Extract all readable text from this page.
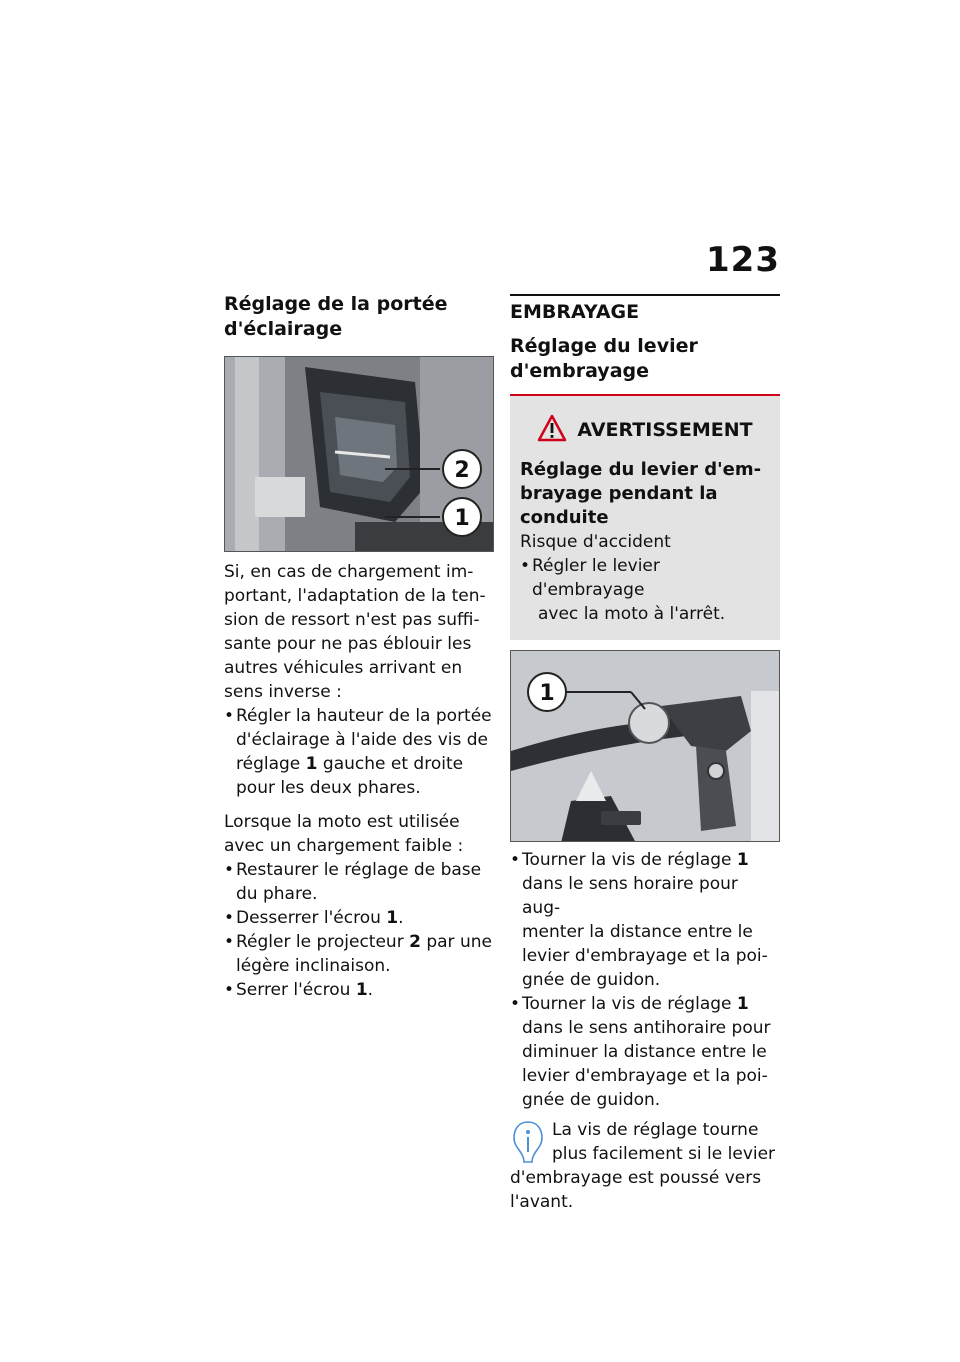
123
Réglage de la portée
d'éclairage
2
1
Si, en cas de chargement im-
portant, l'adaptation de la ten-
sion de ressort n'est pas suffi-
sante pour ne pas éblouir les
autres véhicules arrivant en
sens inverse :
• Régler la hauteur de la portée
d'éclairage à l'aide des vis de
réglage 1 gauche et droite
pour les deux phares.
Lorsque la moto est utilisée
avec un chargement faible :
• Restaurer le réglage de base
du phare.
• Desserrer l'écrou 1.
• Régler le projecteur 2 par une
légère inclinaison.
• Serrer l'écrou 1.
EMBRAYAGE
Réglage du levier
d'embrayage
AVERTISSEMENT
Réglage du levier d'em-
brayage pendant la conduite
Risque d'accident
• Régler le levier d'embrayage
avec la moto à l'arrêt.
1
• Tourner la vis de réglage 1
dans le sens horaire pour aug-
menter la distance entre le
levier d'embrayage et la poi-
gnée de guidon.
• Tourner la vis de réglage 1
dans le sens antihoraire pour
diminuer la distance entre le
levier d'embrayage et la poi-
gnée de guidon.
La vis de réglage tourne
plus facilement si le levier
d'embrayage est poussé vers
l'avant.
